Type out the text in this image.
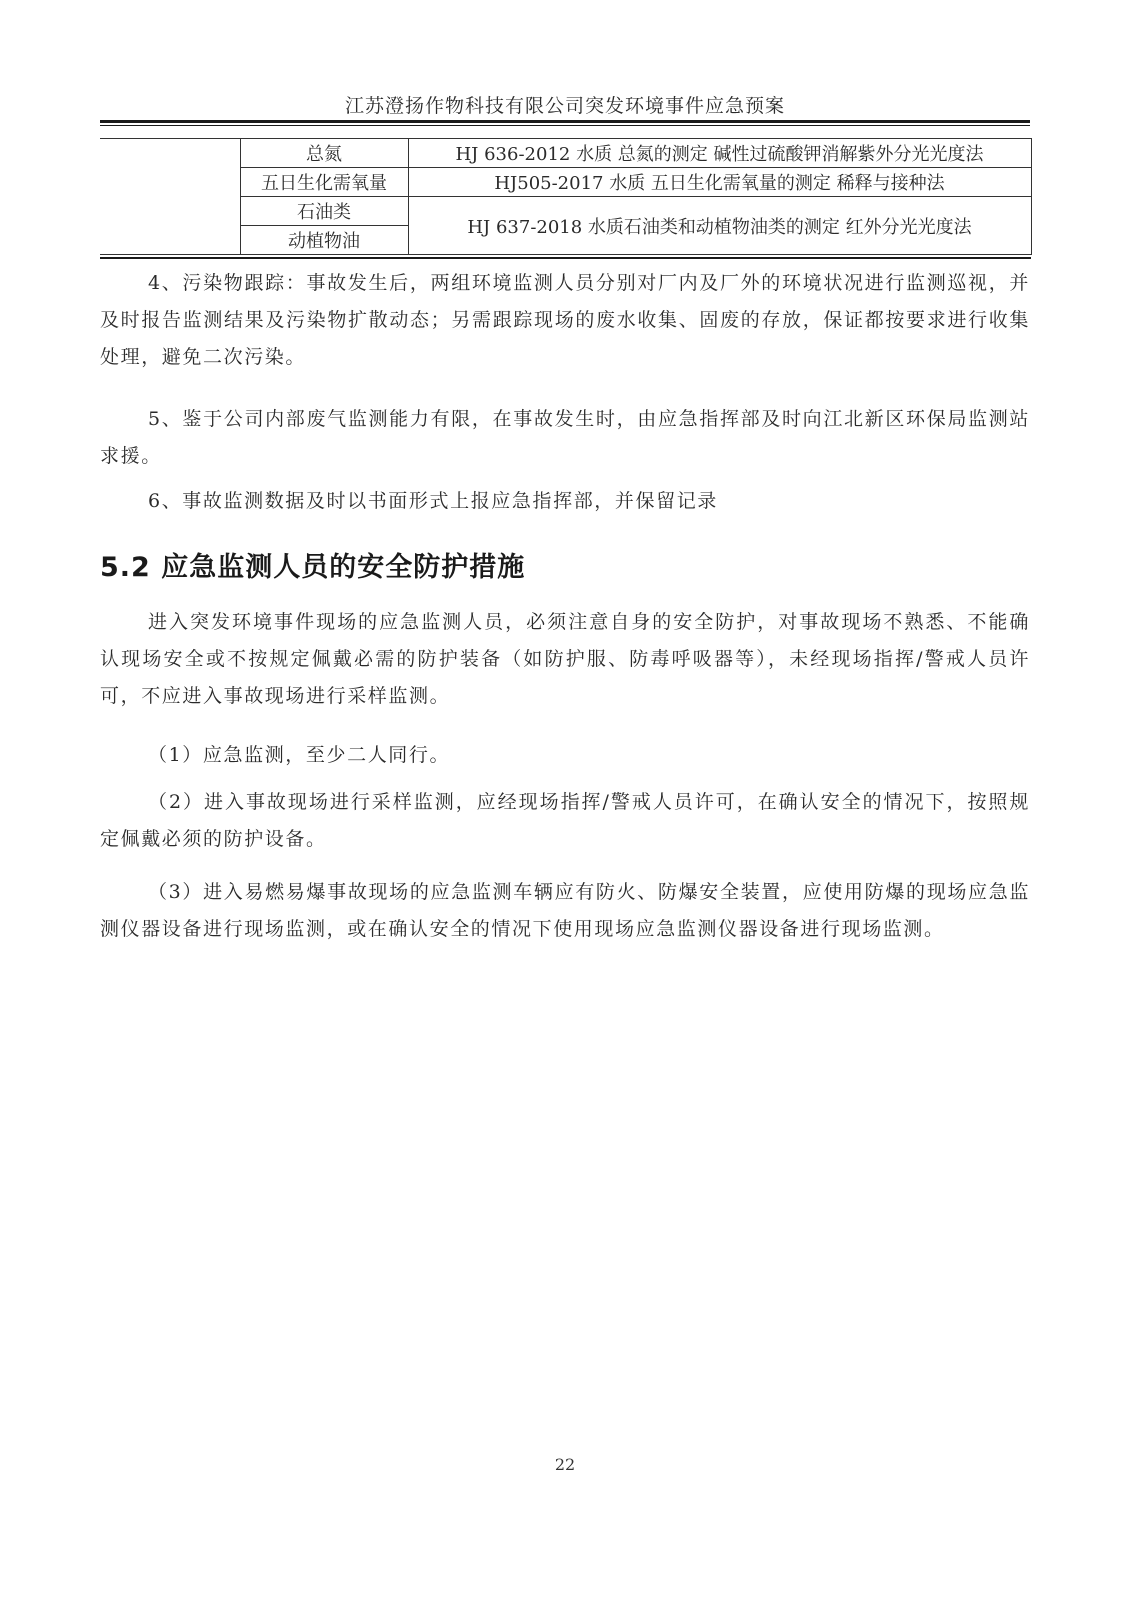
江苏澄扬作物科技有限公司突发环境事件应急预案
	总氮	HJ 636-2012 水质 总氮的测定 碱性过硫酸钾消解紫外分光光度法
	五日生化需氧量	HJ505-2017 水质 五日生化需氧量的测定 稀释与接种法
	石油类	HJ 637-2018 水质石油类和动植物油类的测定 红外分光光度法
	动植物油	

4、污染物跟踪：事故发生后，两组环境监测人员分别对厂内及厂外的环境状况进行监测巡视，并及时报告监测结果及污染物扩散动态；另需跟踪现场的废水收集、固废的存放，保证都按要求进行收集处理，避免二次污染。

5、鉴于公司内部废气监测能力有限，在事故发生时，由应急指挥部及时向江北新区环保局监测站求援。

6、事故监测数据及时以书面形式上报应急指挥部，并保留记录

5.2 应急监测人员的安全防护措施

进入突发环境事件现场的应急监测人员，必须注意自身的安全防护，对事故现场不熟悉、不能确认现场安全或不按规定佩戴必需的防护装备（如防护服、防毒呼吸器等），未经现场指挥/警戒人员许可，不应进入事故现场进行采样监测。

（1）应急监测，至少二人同行。

（2）进入事故现场进行采样监测，应经现场指挥/警戒人员许可，在确认安全的情况下，按照规定佩戴必须的防护设备。

（3）进入易燃易爆事故现场的应急监测车辆应有防火、防爆安全装置，应使用防爆的现场应急监测仪器设备进行现场监测，或在确认安全的情况下使用现场应急监测仪器设备进行现场监测。

22
